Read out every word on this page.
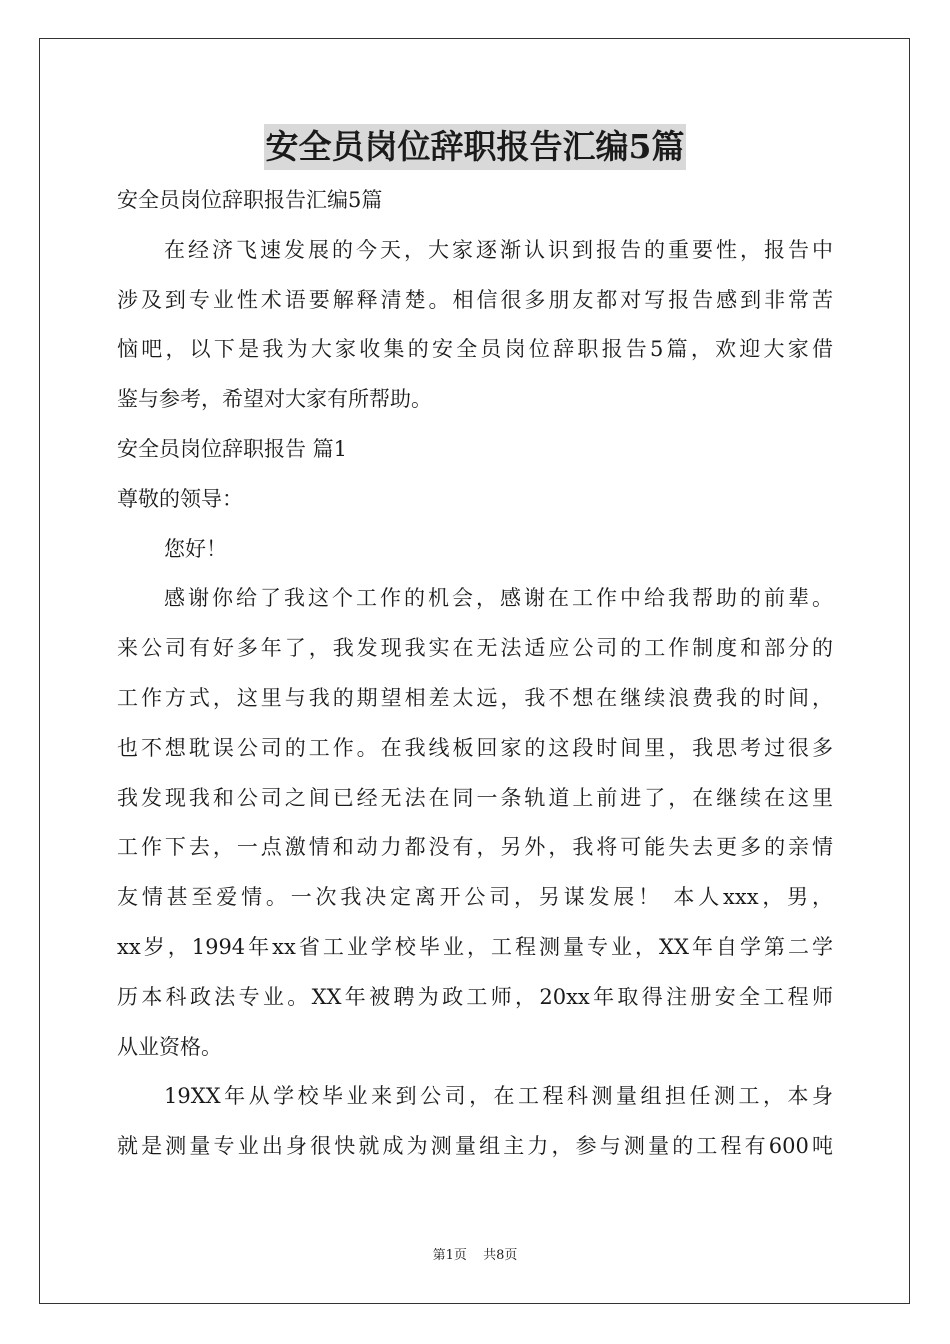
安全员岗位辞职报告汇编5篇
安全员岗位辞职报告汇编5篇
在经济飞速发展的今天，大家逐渐认识到报告的重要性，报告中
涉及到专业性术语要解释清楚。相信很多朋友都对写报告感到非常苦
恼吧，以下是我为大家收集的安全员岗位辞职报告5篇，欢迎大家借
鉴与参考，希望对大家有所帮助。
安全员岗位辞职报告 篇1
尊敬的领导：
您好！
感谢你给了我这个工作的机会，感谢在工作中给我帮助的前辈。
来公司有好多年了，我发现我实在无法适应公司的工作制度和部分的
工作方式，这里与我的期望相差太远，我不想在继续浪费我的时间，
也不想耽误公司的工作。在我线板回家的这段时间里，我思考过很多
我发现我和公司之间已经无法在同一条轨道上前进了，在继续在这里
工作下去，一点激情和动力都没有，另外，我将可能失去更多的亲情
友情甚至爱情。一次我决定离开公司，另谋发展！ 本人xxx，男，
xx岁，1994年xx省工业学校毕业，工程测量专业，XX年自学第二学
历本科政法专业。XX年被聘为政工师，20xx年取得注册安全工程师
从业资格。
19XX年从学校毕业来到公司，在工程科测量组担任测工，本身
就是测量专业出身很快就成为测量组主力，参与测量的工程有600吨
第1页 共8页
